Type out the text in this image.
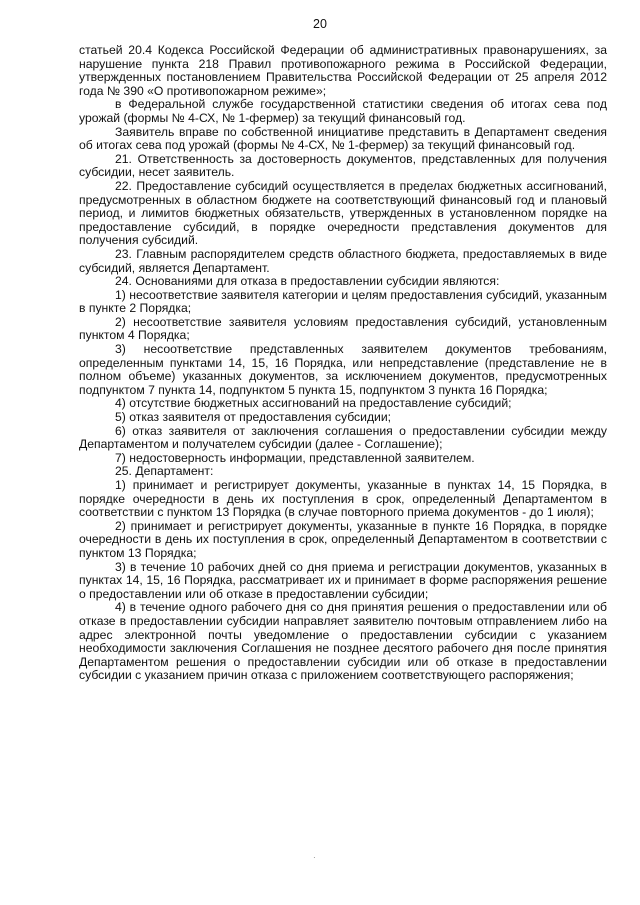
20

статьей 20.4 Кодекса Российской Федерации об административных правонарушениях, за нарушение пункта 218 Правил противопожарного режима в Российской Федерации, утвержденных постановлением Правительства Российской Федерации от 25 апреля 2012 года № 390 «О противопожарном режиме»;

в Федеральной службе государственной статистики сведения об итогах сева под урожай (формы № 4-СХ, № 1-фермер) за текущий финансовый год.

Заявитель вправе по собственной инициативе представить в Департамент сведения об итогах сева под урожай (формы № 4-СХ, № 1-фермер) за текущий финансовый год.

21. Ответственность за достоверность документов, представленных для получения субсидии, несет заявитель.

22. Предоставление субсидий осуществляется в пределах бюджетных ассигнований, предусмотренных в областном бюджете на соответствующий финансовый год и плановый период, и лимитов бюджетных обязательств, утвержденных в установленном порядке на предоставление субсидий, в порядке очередности представления документов для получения субсидий.

23. Главным распорядителем средств областного бюджета, предоставляемых в виде субсидий, является Департамент.

24. Основаниями для отказа в предоставлении субсидии являются:

1) несоответствие заявителя категории и целям предоставления субсидий, указанным в пункте 2 Порядка;

2) несоответствие заявителя условиям предоставления субсидий, установленным пунктом 4 Порядка;

3) несоответствие представленных заявителем документов требованиям, определенным пунктами 14, 15, 16 Порядка, или непредставление (представление не в полном объеме) указанных документов, за исключением документов, предусмотренных подпунктом 7 пункта 14, подпунктом 5 пункта 15, подпунктом 3 пункта 16 Порядка;

4) отсутствие бюджетных ассигнований на предоставление субсидий;

5) отказ заявителя от предоставления субсидии;

6) отказ заявителя от заключения соглашения о предоставлении субсидии между Департаментом и получателем субсидии (далее - Соглашение);

7) недостоверность информации, представленной заявителем.

25. Департамент:

1) принимает и регистрирует документы, указанные в пунктах 14, 15 Порядка, в порядке очередности в день их поступления в срок, определенный Департаментом в соответствии с пунктом 13 Порядка (в случае повторного приема документов - до 1 июля);

2) принимает и регистрирует документы, указанные в пункте 16 Порядка, в порядке очередности в день их поступления в срок, определенный Департаментом в соответствии с пунктом 13 Порядка;

3) в течение 10 рабочих дней со дня приема и регистрации документов, указанных в пунктах 14, 15, 16 Порядка, рассматривает их и принимает в форме распоряжения решение о предоставлении или об отказе в предоставлении субсидии;

4) в течение одного рабочего дня со дня принятия решения о предоставлении или об отказе в предоставлении субсидии направляет заявителю почтовым отправлением либо на адрес электронной почты уведомление о предоставлении субсидии с указанием необходимости заключения Соглашения не позднее десятого рабочего дня после принятия Департаментом решения о предоставлении субсидии или об отказе в предоставлении субсидии с указанием причин отказа с приложением соответствующего распоряжения;

·
